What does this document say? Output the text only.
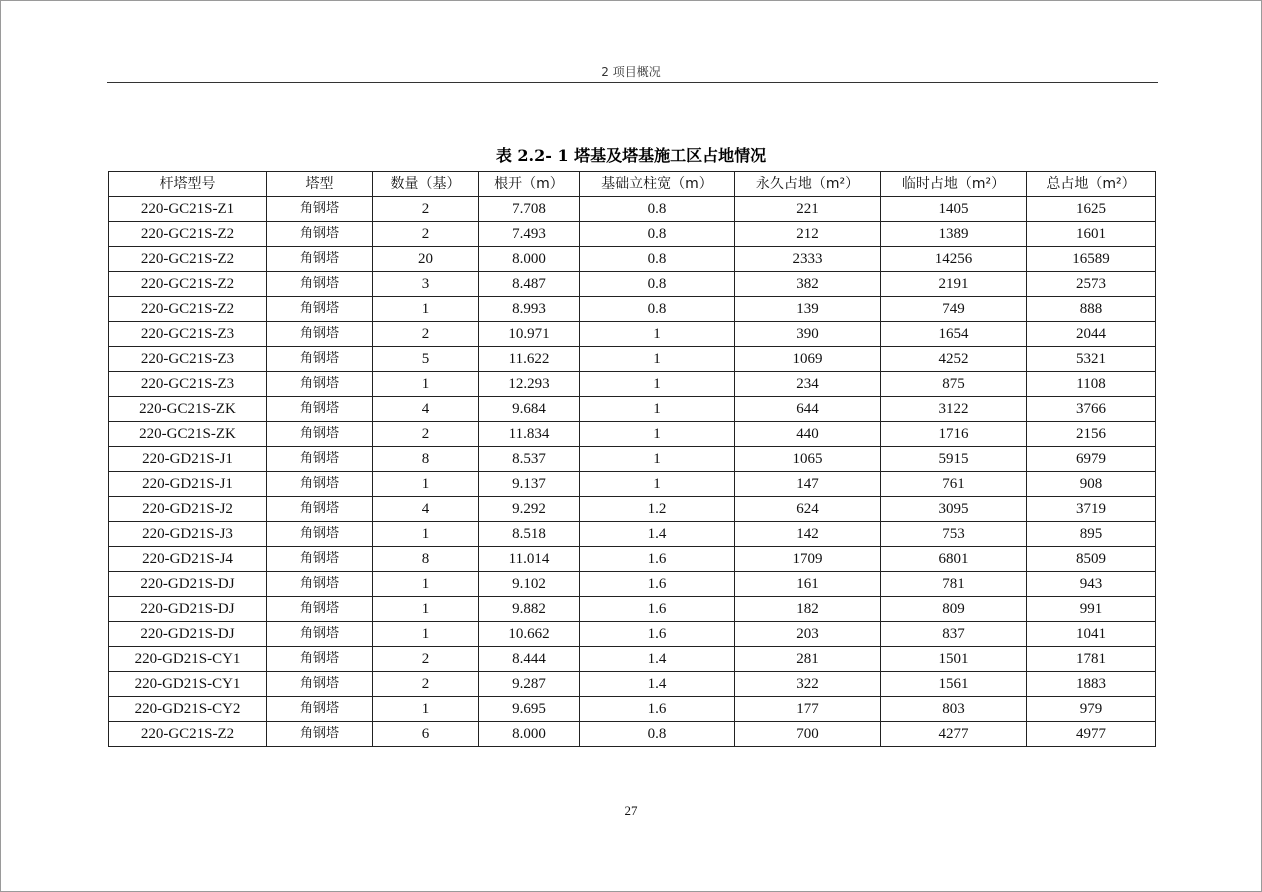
2 项目概况
表 2.2- 1 塔基及塔基施工区占地情况
杆塔型号	塔型	数量（基）	根开（m）	基础立柱宽（m）	永久占地（m²）	临时占地（m²）	总占地（m²）
220-GC21S-Z1	角钢塔	2	7.708	0.8	221	1405	1625
220-GC21S-Z2	角钢塔	2	7.493	0.8	212	1389	1601
220-GC21S-Z2	角钢塔	20	8.000	0.8	2333	14256	16589
220-GC21S-Z2	角钢塔	3	8.487	0.8	382	2191	2573
220-GC21S-Z2	角钢塔	1	8.993	0.8	139	749	888
220-GC21S-Z3	角钢塔	2	10.971	1	390	1654	2044
220-GC21S-Z3	角钢塔	5	11.622	1	1069	4252	5321
220-GC21S-Z3	角钢塔	1	12.293	1	234	875	1108
220-GC21S-ZK	角钢塔	4	9.684	1	644	3122	3766
220-GC21S-ZK	角钢塔	2	11.834	1	440	1716	2156
220-GD21S-J1	角钢塔	8	8.537	1	1065	5915	6979
220-GD21S-J1	角钢塔	1	9.137	1	147	761	908
220-GD21S-J2	角钢塔	4	9.292	1.2	624	3095	3719
220-GD21S-J3	角钢塔	1	8.518	1.4	142	753	895
220-GD21S-J4	角钢塔	8	11.014	1.6	1709	6801	8509
220-GD21S-DJ	角钢塔	1	9.102	1.6	161	781	943
220-GD21S-DJ	角钢塔	1	9.882	1.6	182	809	991
220-GD21S-DJ	角钢塔	1	10.662	1.6	203	837	1041
220-GD21S-CY1	角钢塔	2	8.444	1.4	281	1501	1781
220-GD21S-CY1	角钢塔	2	9.287	1.4	322	1561	1883
220-GD21S-CY2	角钢塔	1	9.695	1.6	177	803	979
220-GC21S-Z2	角钢塔	6	8.000	0.8	700	4277	4977
27
